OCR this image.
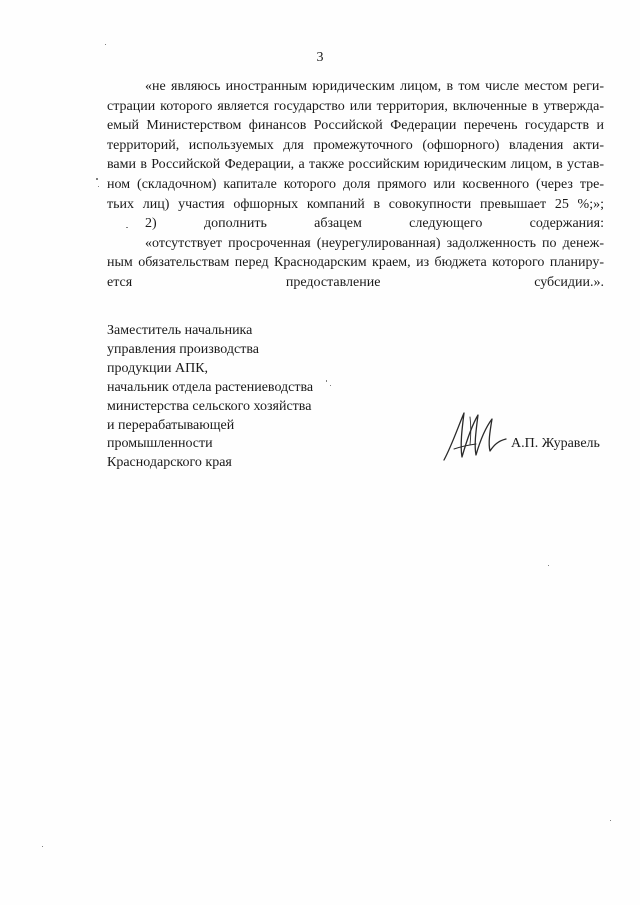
3
«не являюсь иностранным юридическим лицом, в том числе местом реги-
страции которого является государство или территория, включенные в утвержда-
емый Министерством финансов Российской Федерации перечень государств и
территорий, используемых для промежуточного (офшорного) владения акти-
вами в Российской Федерации, а также российским юридическим лицом, в устав-
ном (складочном) капитале которого доля прямого или косвенного (через тре-
тьих лиц) участия офшорных компаний в совокупности превышает 25 %;»;
2) дополнить абзацем следующего содержания:
«отсутствует просроченная (неурегулированная) задолженность по денеж-
ным обязательствам перед Краснодарским краем, из бюджета которого планиру-
ется предоставление субсидии.».
Заместитель начальника
управления производства
продукции АПК,
начальник отдела растениеводства
министерства сельского хозяйства
и перерабатывающей
промышленности
Краснодарского края
А.П. Журавель
